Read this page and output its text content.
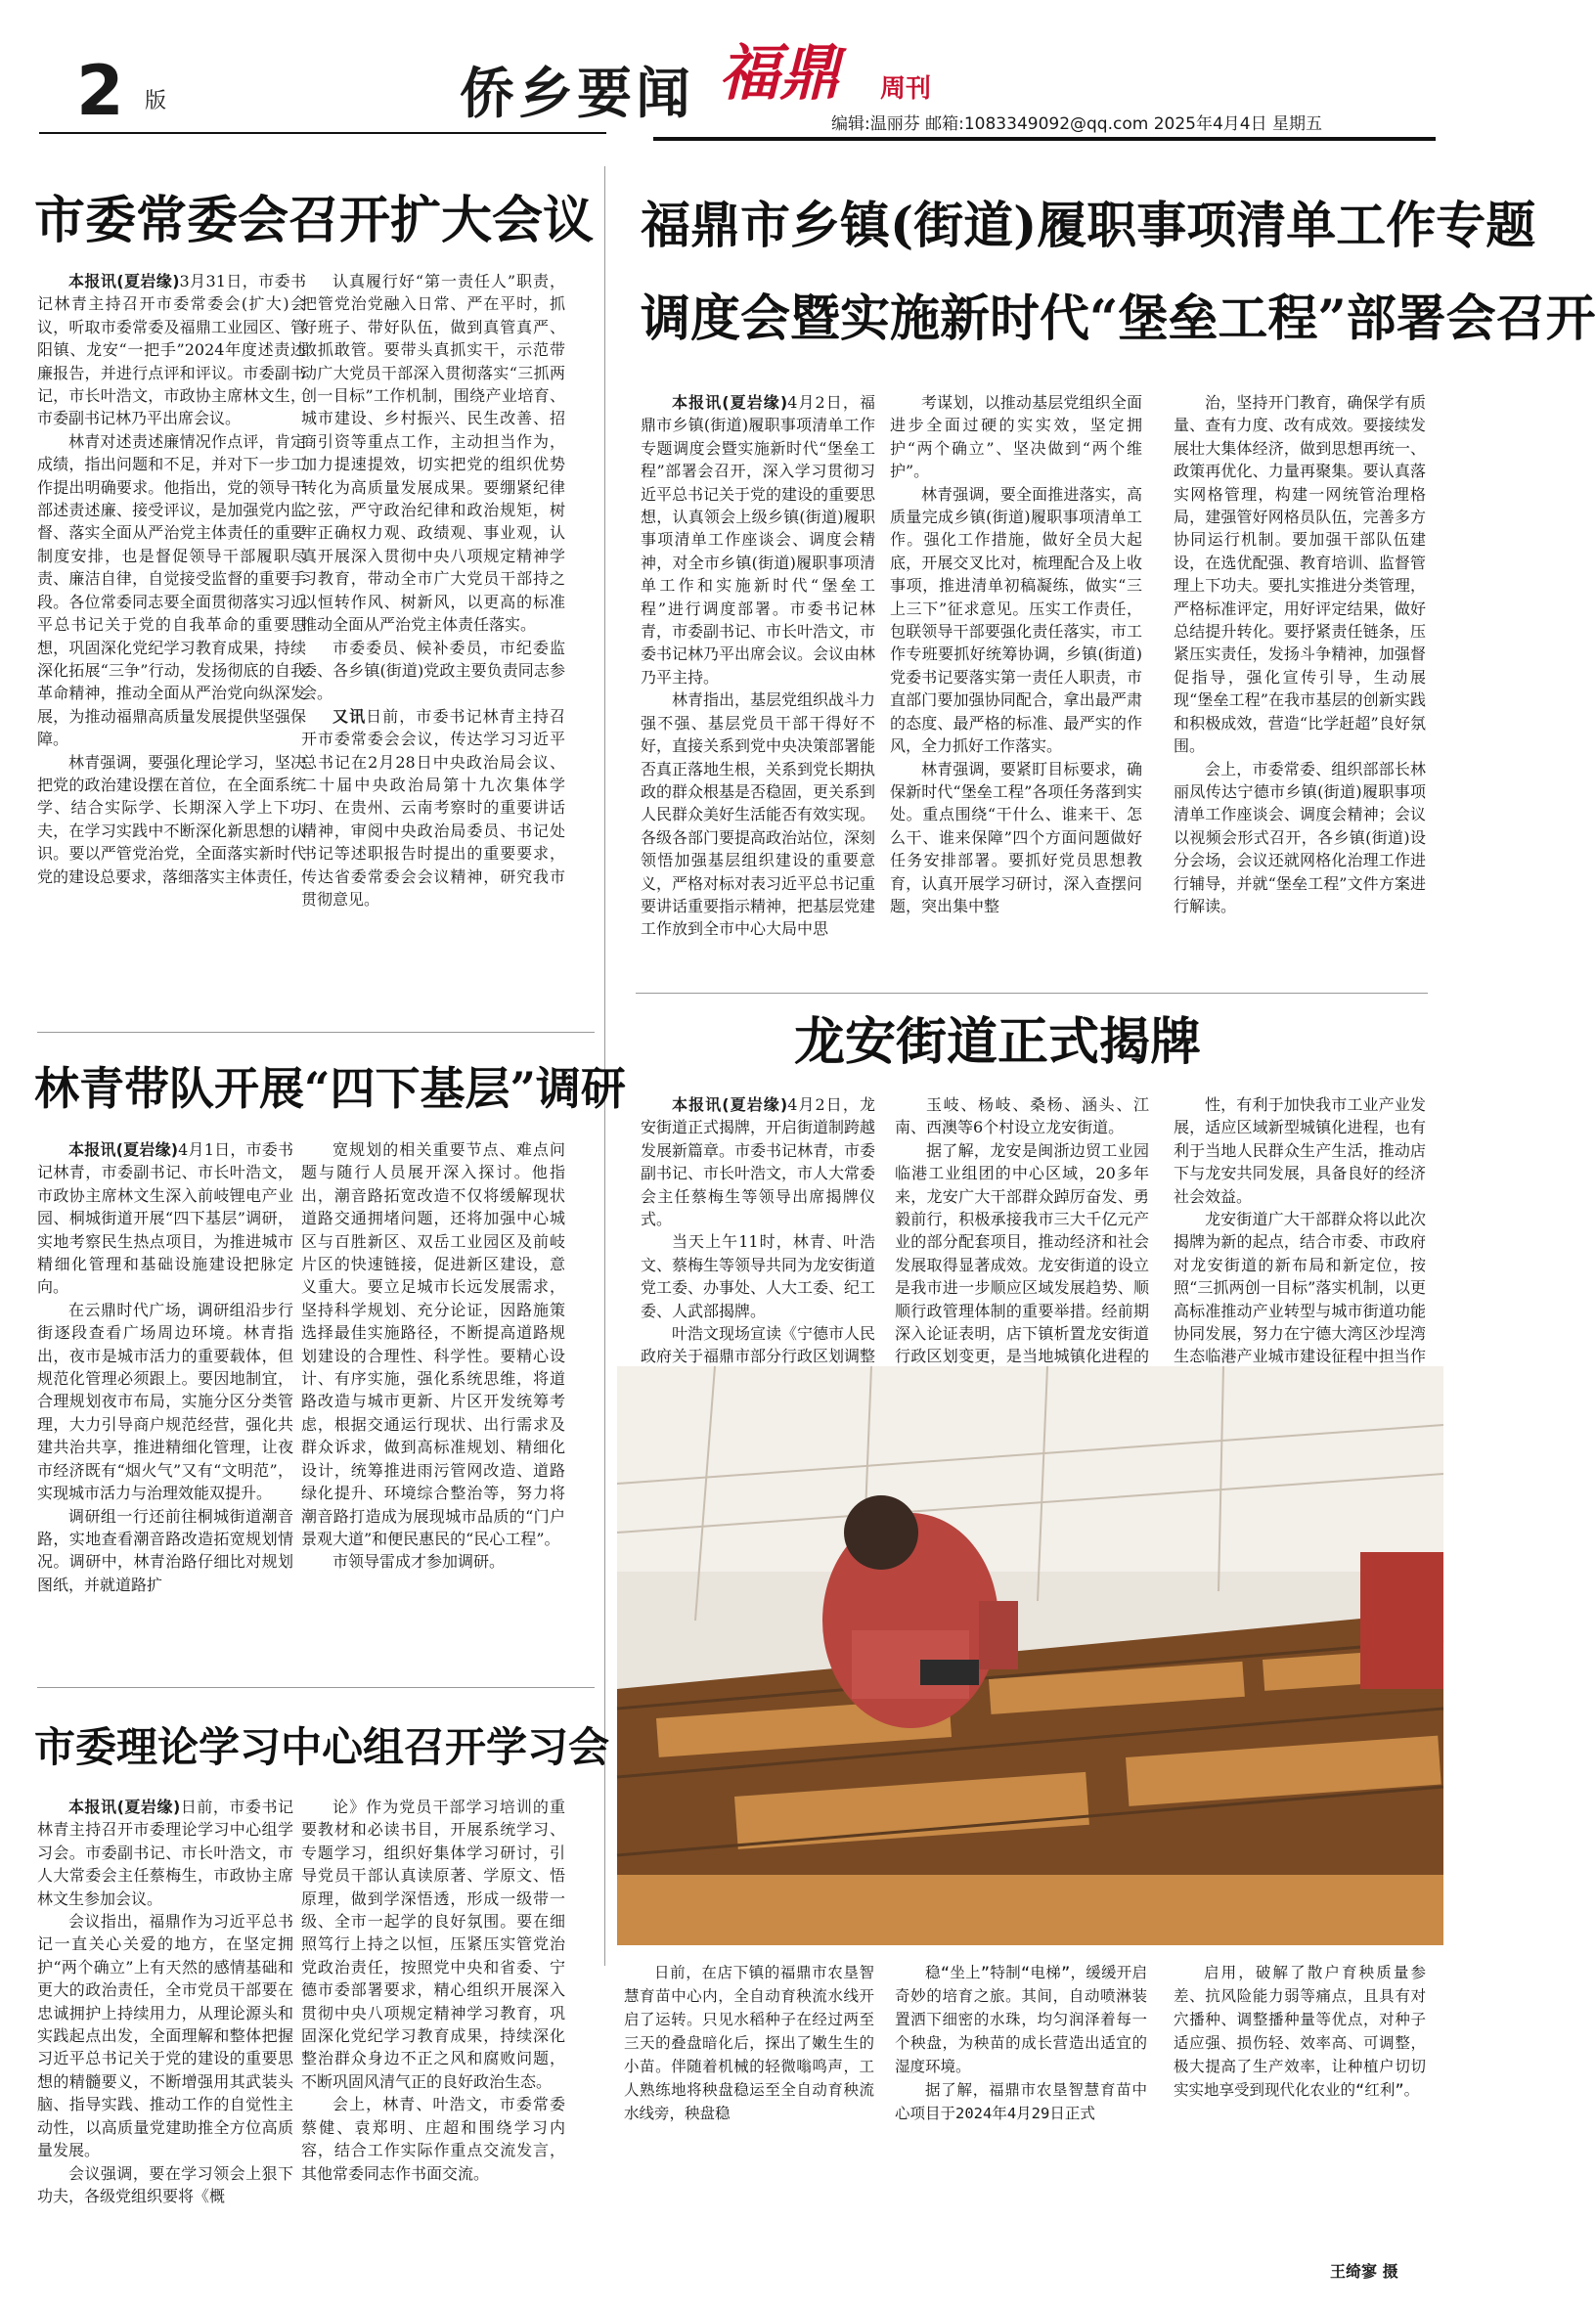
2 版	侨乡要闻 福鼎 周刊
编辑:温丽芬 邮箱:1083349092@qq.com 2025年4月4日 星期五
市委常委会召开扩大会议

本报讯(夏岩缘)3月31日，市委书记林青主持召开市委常委会(扩大)会议，听取市委常委及福鼎工业园区、管阳镇、龙安“一把手”2024年度述责述廉报告，并进行点评和评议。市委副书记，市长叶浩文，市政协主席林文生，市委副书记林乃平出席会议。

林青对述责述廉情况作点评，肯定成绩，指出问题和不足，并对下一步工作提出明确要求。他指出，党的领导干部述责述廉、接受评议，是加强党内监督、落实全面从严治党主体责任的重要制度安排，也是督促领导干部履职尽责、廉洁自律，自觉接受监督的重要手段。各位常委同志要全面贯彻落实习近平总书记关于党的自我革命的重要思想，巩固深化党纪学习教育成果，持续深化拓展“三争”行动，发扬彻底的自我革命精神，推动全面从严治党向纵深发展，为推动福鼎高质量发展提供坚强保障。

林青强调，要强化理论学习，坚决把党的政治建设摆在首位，在全面系统学、结合实际学、长期深入学上下功夫，在学习实践中不断深化新思想的认识。要以严管党治党，全面落实新时代党的建设总要求，落细落实主体责任，

认真履行好“第一责任人”职责，把管党治党融入日常、严在平时，抓好班子、带好队伍，做到真管真严、敢抓敢管。要带头真抓实干，示范带动广大党员干部深入贯彻落实“三抓两创一目标”工作机制，围绕产业培育、城市建设、乡村振兴、民生改善、招商引资等重点工作，主动担当作为，加力提速提效，切实把党的组织优势转化为高质量发展成果。要绷紧纪律之弦，严守政治纪律和政治规矩，树牢正确权力观、政绩观、事业观，认真开展深入贯彻中央八项规定精神学习教育，带动全市广大党员干部持之以恒转作风、树新风，以更高的标准推动全面从严治党主体责任落实。

市委委员、候补委员，市纪委监委、各乡镇(街道)党政主要负责同志参会。

又讯日前，市委书记林青主持召开市委常委会会议，传达学习习近平总书记在2月28日中央政治局会议、二十届中央政治局第十九次集体学习、在贵州、云南考察时的重要讲话精神，审阅中央政治局委员、书记处书记等述职报告时提出的重要要求，传达省委常委会会议精神，研究我市贯彻意见。

福鼎市乡镇(街道)履职事项清单工作专题
调度会暨实施新时代“堡垒工程”部署会召开

本报讯(夏岩缘)4月2日，福鼎市乡镇(街道)履职事项清单工作专题调度会暨实施新时代“堡垒工程”部署会召开，深入学习贯彻习近平总书记关于党的建设的重要思想，认真领会上级乡镇(街道)履职事项清单工作座谈会、调度会精神，对全市乡镇(街道)履职事项清单工作和实施新时代“堡垒工程”进行调度部署。市委书记林青，市委副书记、市长叶浩文，市委书记林乃平出席会议。会议由林乃平主持。

林青指出，基层党组织战斗力强不强、基层党员干部干得好不好，直接关系到党中央决策部署能否真正落地生根，关系到党长期执政的群众根基是否稳固，更关系到人民群众美好生活能否有效实现。各级各部门要提高政治站位，深刻领悟加强基层组织建设的重要意义，严格对标对表习近平总书记重要讲话重要指示精神，把基层党建工作放到全市中心大局中思

考谋划，以推动基层党组织全面进步全面过硬的实实效，坚定拥护“两个确立”、坚决做到“两个维护”。

林青强调，要全面推进落实，高质量完成乡镇(街道)履职事项清单工作。强化工作措施，做好全员大起底，开展交叉比对，梳理配合及上收事项，推进清单初稿凝练，做实“三上三下”征求意见。压实工作责任，包联领导干部要强化责任落实，市工作专班要抓好统筹协调，乡镇(街道)党委书记要落实第一责任人职责，市直部门要加强协同配合，拿出最严肃的态度、最严格的标准、最严实的作风，全力抓好工作落实。

林青强调，要紧盯目标要求，确保新时代“堡垒工程”各项任务落到实处。重点围绕“干什么、谁来干、怎么干、谁来保障”四个方面问题做好任务安排部署。要抓好党员思想教育，认真开展学习研讨，深入查摆问题，突出集中整

治，坚持开门教育，确保学有质量、查有力度、改有成效。要接续发展壮大集体经济，做到思想再统一、政策再优化、力量再聚集。要认真落实网格管理，构建一网统管治理格局，建强管好网格员队伍，完善多方协同运行机制。要加强干部队伍建设，在选优配强、教育培训、监督管理上下功夫。要扎实推进分类管理，严格标准评定，用好评定结果，做好总结提升转化。要抒紧责任链条，压紧压实责任，发扬斗争精神，加强督促指导，强化宣传引导，生动展现“堡垒工程”在我市基层的创新实践和积极成效，营造“比学赶超”良好氛围。

会上，市委常委、组织部部长林丽凤传达宁德市乡镇(街道)履职事项清单工作座谈会、调度会精神；会议以视频会形式召开，各乡镇(街道)设分会场，会议还就网格化治理工作进行辅导，并就“堡垒工程”文件方案进行解读。

林青带队开展“四下基层”调研

本报讯(夏岩缘)4月1日，市委书记林青，市委副书记、市长叶浩文，市政协主席林文生深入前岐锂电产业园、桐城街道开展“四下基层”调研，实地考察民生热点项目，为推进城市精细化管理和基础设施建设把脉定向。

在云鼎时代广场，调研组沿步行街逐段查看广场周边环境。林青指出，夜市是城市活力的重要载体，但规范化管理必须跟上。要因地制宜，合理规划夜市布局，实施分区分类管理，大力引导商户规范经营，强化共建共治共享，推进精细化管理，让夜市经济既有“烟火气”又有“文明范”，实现城市活力与治理效能双提升。

调研组一行还前往桐城街道潮音路，实地查看潮音路改造拓宽规划情况。调研中，林青治路仔细比对规划图纸，并就道路扩

宽规划的相关重要节点、难点问题与随行人员展开深入探讨。他指出，潮音路拓宽改造不仅将缓解现状道路交通拥堵问题，还将加强中心城区与百胜新区、双岳工业园区及前岐片区的快速链接，促进新区建设，意义重大。要立足城市长远发展需求，坚持科学规划、充分论证，因路施策选择最佳实施路径，不断提高道路规划建设的合理性、科学性。要精心设计、有序实施，强化系统思维，将道路改造与城市更新、片区开发统筹考虑，根据交通运行现状、出行需求及群众诉求，做到高标准规划、精细化设计，统筹推进雨污管网改造、道路绿化提升、环境综合整治等，努力将潮音路打造成为展现城市品质的“门户景观大道”和便民惠民的“民心工程”。

市领导雷成才参加调研。

龙安街道正式揭牌

本报讯(夏岩缘)4月2日，龙安街道正式揭牌，开启街道制跨越发展新篇章。市委书记林青，市委副书记、市长叶浩文，市人大常委会主任蔡梅生等领导出席揭牌仪式。

当天上午11时，林青、叶浩文、蔡梅生等领导共同为龙安街道党工委、办事处、人大工委、纪工委、人武部揭牌。

叶浩文现场宣读《宁德市人民政府关于福鼎市部分行政区划调整

玉岐、杨岐、桑杨、涵头、江南、西澳等6个村设立龙安街道。

据了解，龙安是闽浙边贸工业园临港工业组团的中心区域，20多年来，龙安广大干部群众踔厉奋发、勇毅前行，积极承接我市三大千亿元产业的部分配套项目，推动经济和社会发展取得显著成效。龙安街道的设立是我市进一步顺应区域发展趋势、顺顺行政管理体制的重要举措。经前期深入论证表明，店下镇析置龙安街道行政区划变更，是当地城镇化进程的

性，有利于加快我市工业产业发展，适应区域新型城镇化进程，也有利于当地人民群众生产生活，推动店下与龙安共同发展，具备良好的经济社会效益。

龙安街道广大干部群众将以此次揭牌为新的起点，结合市委、市政府对龙安街道的新布局和新定位，按照“三抓两创一目标”落实机制，以更高标准推动产业转型与城市街道功能协同发展，努力在宁德大湾区沙埕湾生态临港产业城市建设征程中担当作

市委理论学习中心组召开学习会

本报讯(夏岩缘)日前，市委书记林青主持召开市委理论学习中心组学习会。市委副书记、市长叶浩文，市人大常委会主任蔡梅生，市政协主席林文生参加会议。

会议指出，福鼎作为习近平总书记一直关心关爱的地方，在坚定拥护“两个确立”上有天然的感情基础和更大的政治责任，全市党员干部要在忠诚拥护上持续用力，从理论源头和实践起点出发，全面理解和整体把握习近平总书记关于党的建设的重要思想的精髓要义，不断增强用其武装头脑、指导实践、推动工作的自觉性主动性，以高质量党建助推全方位高质量发展。

会议强调，要在学习领会上狠下功夫，各级党组织要将《概

论》作为党员干部学习培训的重要教材和必读书目，开展系统学习、专题学习，组织好集体学习研讨，引导党员干部认真读原著、学原文、悟原理，做到学深悟透，形成一级带一级、全市一起学的良好氛围。要在细照笃行上持之以恒，压紧压实管党治党政治责任，按照党中央和省委、宁德市委部署要求，精心组织开展深入贯彻中央八项规定精神学习教育，巩固深化党纪学习教育成果，持续深化整治群众身边不正之风和腐败问题，不断巩固风清气正的良好政治生态。

会上，林青、叶浩文，市委常委蔡健、袁郑明、庄超和围绕学习内容，结合工作实际作重点交流发言，其他常委同志作书面交流。

日前，在店下镇的福鼎市农垦智慧育苗中心内，全自动育秧流水线开启了运转。只见水稻种子在经过两至三天的叠盘暗化后，探出了嫩生生的小苗。伴随着机械的轻微嗡鸣声，工人熟练地将秧盘稳运至全自动育秧流水线旁，秧盘稳

稳“坐上”特制“电梯”，缓缓开启奇妙的培育之旅。其间，自动喷淋装置洒下细密的水珠，均匀润泽着每一个秧盘，为秧苗的成长营造出适宜的湿度环境。

据了解，福鼎市农垦智慧育苗中心项目于2024年4月29日正式

启用，破解了散户育秧质量参差、抗风险能力弱等痛点，且具有对穴播种、调整播种量等优点，对种子适应强、损伤轻、效率高、可调整，极大提高了生产效率，让种植户切切实实地享受到现代化农业的“红利”。

王绮寥 摄
